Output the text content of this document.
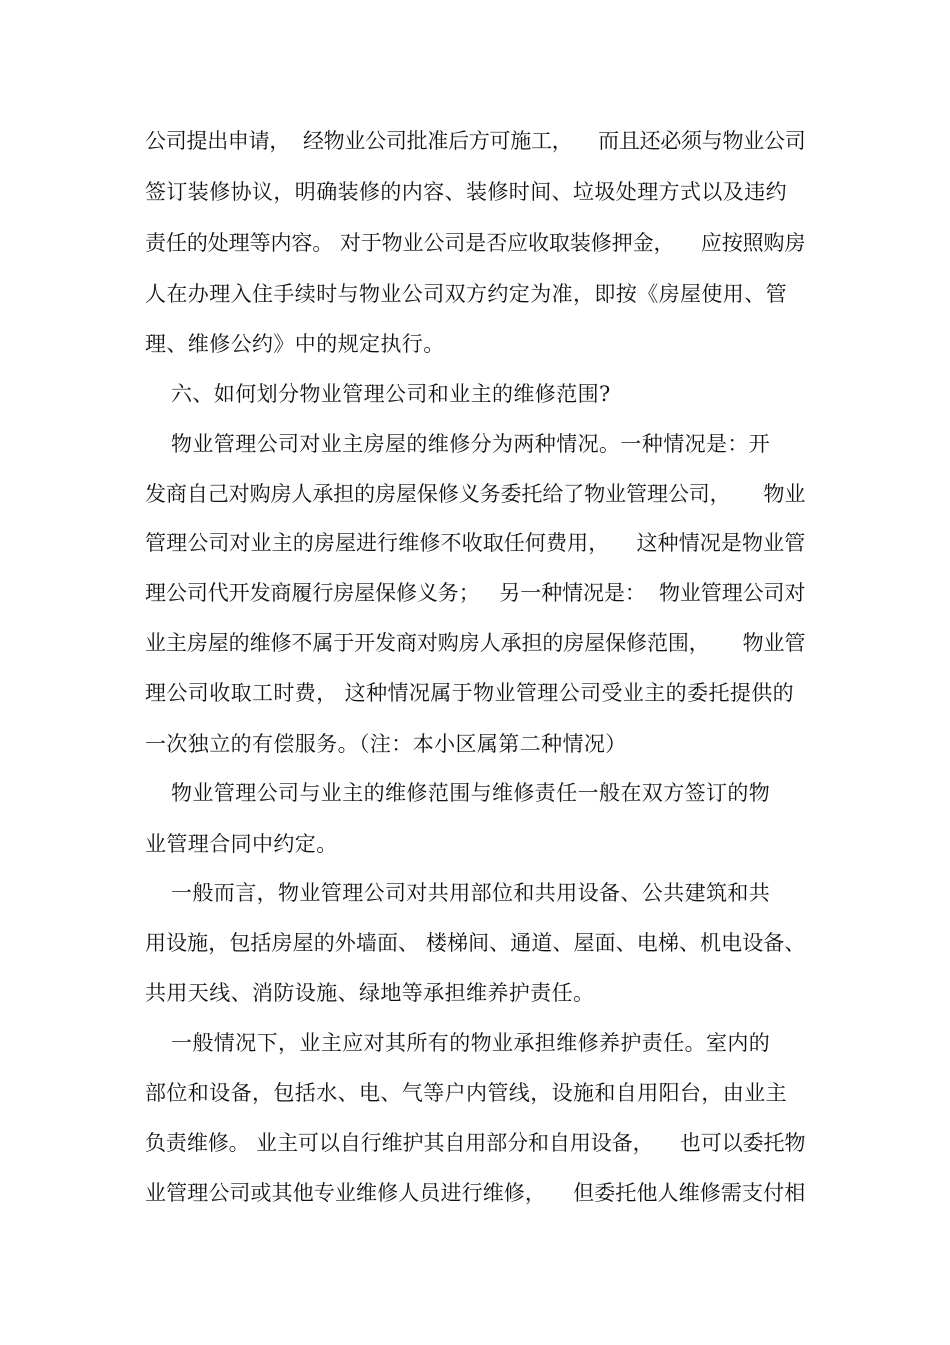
公司提出申请，  经物业公司批准后方可施工，    而且还必须与物业公司
签订装修协议，明确装修的内容、装修时间、垃圾处理方式以及违约
责任的处理等内容。 对于物业公司是否应收取装修押金，    应按照购房
人在办理入住手续时与物业公司双方约定为准，即按《房屋使用、管
理、维修公约》中的规定执行。
六、如何划分物业管理公司和业主的维修范围?
物业管理公司对业主房屋的维修分为两种情况。一种情况是：开
发商自己对购房人承担的房屋保修义务委托给了物业管理公司，     物业
管理公司对业主的房屋进行维修不收取任何费用，    这种情况是物业管
理公司代开发商履行房屋保修义务；   另一种情况是：  物业管理公司对
业主房屋的维修不属于开发商对购房人承担的房屋保修范围，     物业管
理公司收取工时费， 这种情况属于物业管理公司受业主的委托提供的
一次独立的有偿服务。（注：本小区属第二种情况）
物业管理公司与业主的维修范围与维修责任一般在双方签订的物
业管理合同中约定。
一般而言，物业管理公司对共用部位和共用设备、公共建筑和共
用设施，包括房屋的外墙面、 楼梯间、通道、屋面、电梯、机电设备、
共用天线、消防设施、绿地等承担维养护责任。
一般情况下，业主应对其所有的物业承担维修养护责任。室内的
部位和设备，包括水、电、气等户内管线，设施和自用阳台，由业主
负责维修。 业主可以自行维护其自用部分和自用设备，    也可以委托物
业管理公司或其他专业维修人员进行维修，    但委托他人维修需支付相
